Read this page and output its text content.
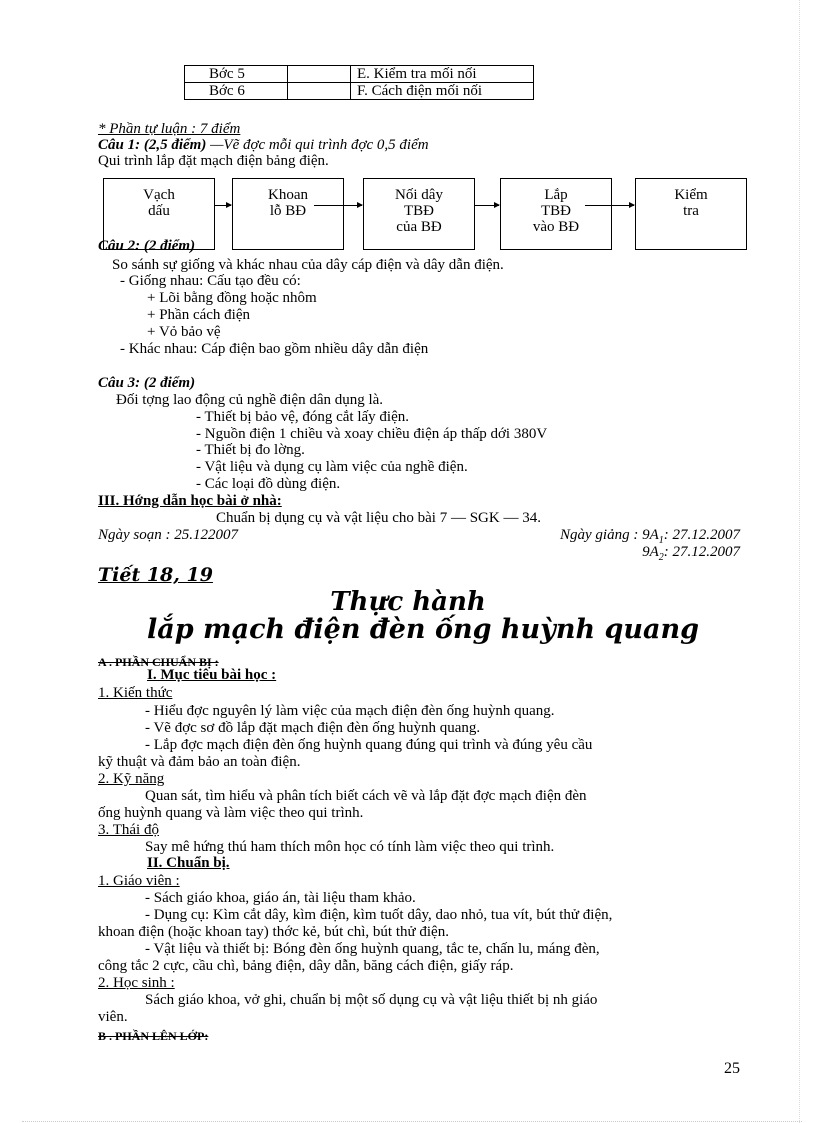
Bớc 5		E. Kiểm tra mối nối
Bớc 6		F. Cách điện mối nối
* Phần tự luận : 7 điểm
Câu 1: (2,5 điểm) —Vẽ đợc mỗi qui trình đợc 0,5 điểm
Qui trình lắp đặt mạch điện bảng điện.
Vạch
dấu
Khoan
lỗ BĐ
Nối dây
TBĐ
của BĐ
Lắp
TBĐ
vào BĐ
Kiểm
tra
Câu 2: (2 điểm)
So sánh sự giống và khác nhau của dây cáp điện và dây dẫn điện.
- Giống nhau: Cấu tạo đều có:
+ Lõi bằng đồng hoặc nhôm
+ Phần cách điện
+ Vỏ bảo vệ
- Khác nhau: Cáp điện bao gồm nhiều dây dẫn điện
Câu 3: (2 điểm)
Đối tợng lao động củ nghề điện dân dụng là.
- Thiết bị bảo vệ, đóng cắt lấy điện.
- Nguồn điện 1 chiều và xoay chiều điện áp thấp dới 380V
- Thiết bị đo lờng.
- Vật liệu và dụng cụ làm việc của nghề điện.
- Các loại đồ dùng điện.
III. Hớng dẫn học bài ở nhà:
Chuẩn bị dụng cụ và vật liệu cho bài 7 — SGK — 34.
Ngày soạn : 25.122007	Ngày giảng : $9A_1$: 27.12.2007
$9A_2$: 27.12.2007
Tiết 18, 19
Thực hành
lắp mạch điện đèn ống huỳnh quang
A . PHẦN CHUẨN BỊ :
I. Mục tiêu bài học :
1. Kiến thức
- Hiểu đợc nguyên lý làm việc của mạch điện đèn ống huỳnh quang.
- Vẽ đợc sơ đồ lắp đặt mạch điện đèn ống huỳnh quang.
- Lắp đợc mạch điện đèn ống huỳnh quang đúng qui trình và đúng yêu cầu
kỹ thuật và đảm bảo an toàn điện.
2. Kỹ năng
Quan sát, tìm hiểu và phân tích biết cách vẽ và lắp đặt đợc mạch điện đèn
ống huỳnh quang và làm việc theo qui trình.
3. Thái độ
Say mê hứng thú ham thích môn học có tính làm việc theo qui trình.
II. Chuẩn bị.
1. Giáo viên :
- Sách giáo khoa, giáo án, tài liệu tham khảo.
- Dụng cụ: Kìm cắt dây, kìm điện, kìm tuốt dây, dao nhỏ, tua vít, bút thử điện,
khoan điện (hoặc khoan tay) thớc kẻ, bút chì, bút thử điện.
- Vật liệu và thiết bị: Bóng đèn ống huỳnh quang, tắc te, chấn lu, máng đèn,
công tắc 2 cực, cầu chì, bảng điện, dây dẫn, băng cách điện, giấy ráp.
2. Học sinh :
Sách giáo khoa, vở ghi, chuẩn bị một số dụng cụ và vật liệu thiết bị nh giáo
viên.
B . PHẦN LÊN LỚP:
25
